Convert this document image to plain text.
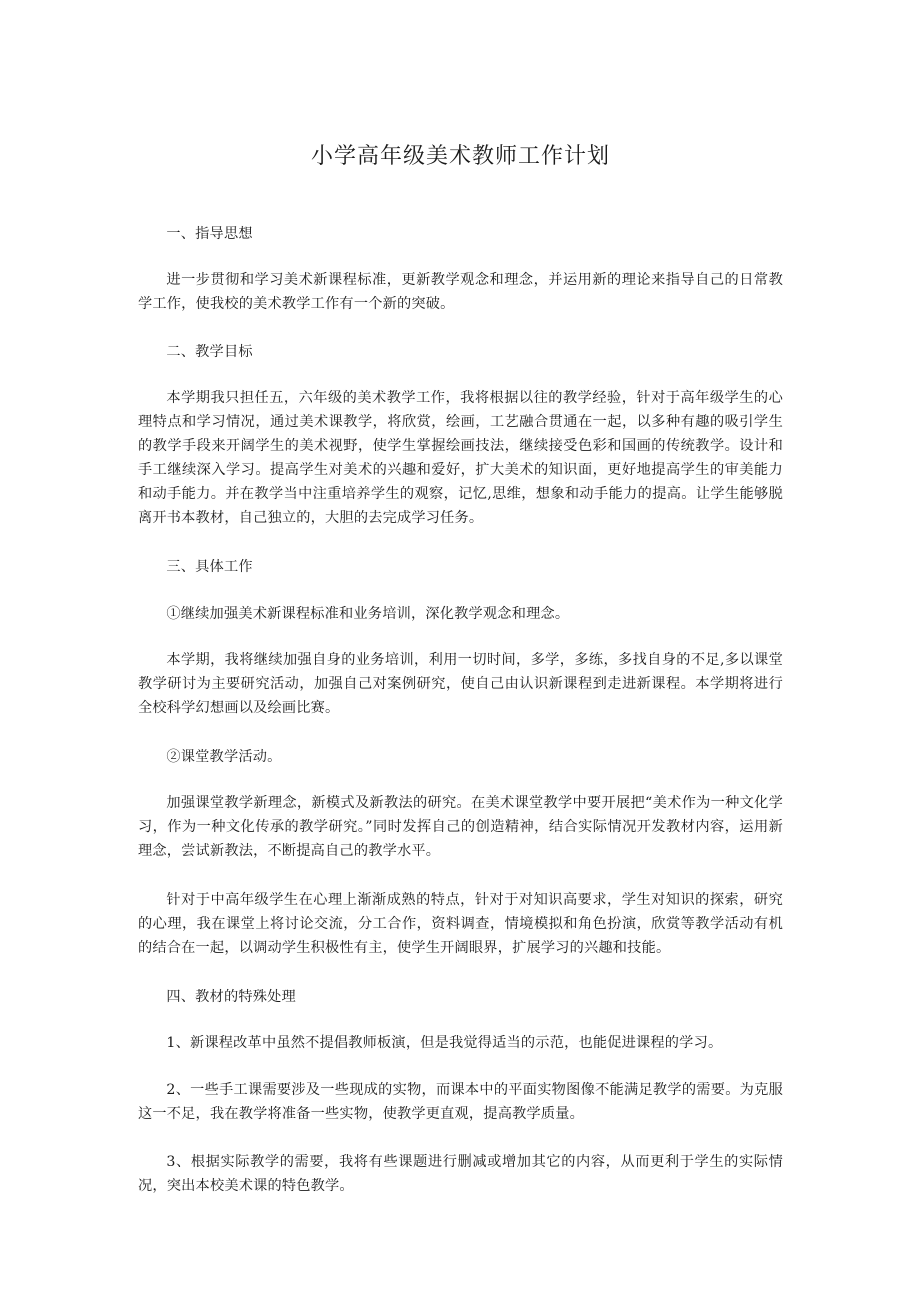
小学高年级美术教师工作计划

一、指导思想

进一步贯彻和学习美术新课程标准，更新教学观念和理念，并运用新的理论来指导自己的日常教学工作，使我校的美术教学工作有一个新的突破。

二、教学目标

本学期我只担任五，六年级的美术教学工作，我将根据以往的教学经验，针对于高年级学生的心理特点和学习情况，通过美术课教学，将欣赏，绘画，工艺融合贯通在一起，以多种有趣的吸引学生的教学手段来开阔学生的美术视野，使学生掌握绘画技法，继续接受色彩和国画的传统教学。设计和手工继续深入学习。提高学生对美术的兴趣和爱好，扩大美术的知识面，更好地提高学生的审美能力和动手能力。并在教学当中注重培养学生的观察，记忆,思维，想象和动手能力的提高。让学生能够脱离开书本教材，自己独立的，大胆的去完成学习任务。

三、具体工作

①继续加强美术新课程标准和业务培训，深化教学观念和理念。

本学期，我将继续加强自身的业务培训，利用一切时间，多学，多练，多找自身的不足,多以课堂教学研讨为主要研究活动，加强自己对案例研究，使自己由认识新课程到走进新课程。本学期将进行全校科学幻想画以及绘画比赛。

②课堂教学活动。

加强课堂教学新理念，新模式及新教法的研究。在美术课堂教学中要开展把“美术作为一种文化学习，作为一种文化传承的教学研究。”同时发挥自己的创造精神，结合实际情况开发教材内容，运用新理念，尝试新教法，不断提高自己的教学水平。

针对于中高年级学生在心理上渐渐成熟的特点，针对于对知识高要求，学生对知识的探索，研究的心理，我在课堂上将讨论交流，分工合作，资料调查，情境模拟和角色扮演，欣赏等教学活动有机的结合在一起，以调动学生积极性有主，使学生开阔眼界，扩展学习的兴趣和技能。

四、教材的特殊处理

1、新课程改革中虽然不提倡教师板演，但是我觉得适当的示范，也能促进课程的学习。

2、一些手工课需要涉及一些现成的实物，而课本中的平面实物图像不能满足教学的需要。为克服这一不足，我在教学将准备一些实物，使教学更直观，提高教学质量。

3、根据实际教学的需要，我将有些课题进行删减或增加其它的内容，从而更利于学生的实际情况，突出本校美术课的特色教学。
